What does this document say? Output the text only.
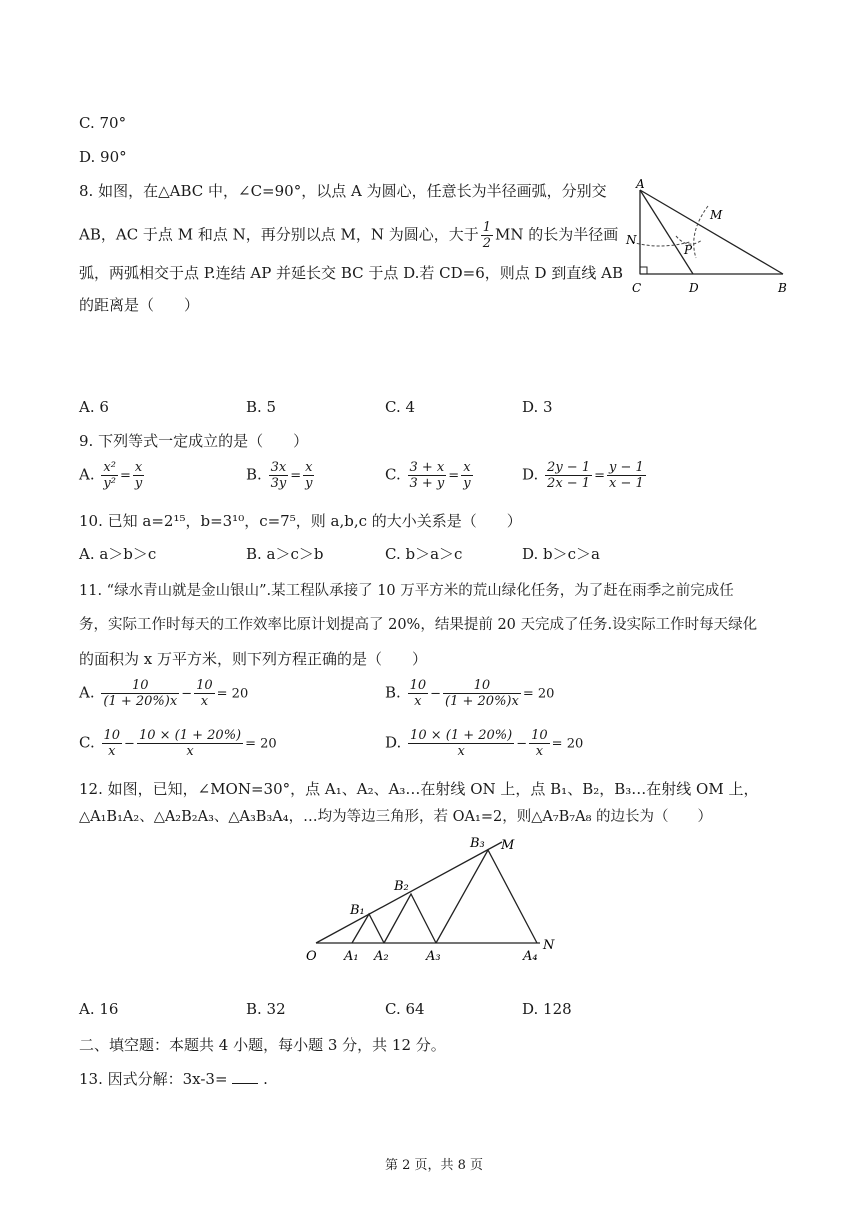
C. 70°
D. 90°
8. 如图，在△ABC 中，∠C=90°，以点 A 为圆心，任意长为半径画弧，分别交
AB，AC 于点 M 和点 N，再分别以点 M，N 为圆心，大于 $\frac{1}{2}$ MN 的长为半径画
弧，两弧相交于点 P.连结 AP 并延长交 BC 于点 D.若 CD=6，则点 D 到直线 AB
的距离是（　　）
A
M
N
P
C	D	B
A. 6	B. 5	C. 4	D. 3
9. 下列等式一定成立的是（　　）
A. $\frac{\text{x²}}{\text{y²}} = \frac{x}{y}$	B. $\frac{3x}{3y} = \frac{x}{y}$	C. $\frac{3 + x}{3 + y} = \frac{x}{y}$	D. $\frac{2y - 1}{2x - 1} = \frac{y - 1}{x - 1}$
10. 已知 a=2¹⁵，b=3¹⁰，c=7⁵，则 a,b,c 的大小关系是（　　）
A. a＞b＞c	B. a＞c＞b	C. b＞a＞c	D. b＞c＞a
11. “绿水青山就是金山银山”.某工程队承接了 10 万平方米的荒山绿化任务，为了赶在雨季之前完成任
务，实际工作时每天的工作效率比原计划提高了 20%，结果提前 20 天完成了任务.设实际工作时每天绿化
的面积为 x 万平方米，则下列方程正确的是（　　）
A. $\frac{10}{(1 + 20\%)x} - \frac{10}{x} = 20$	B. $\frac{10}{x} - \frac{10}{(1 + 20\%)x} = 20$
C. $\frac{10}{x} - \frac{10 \times (1 + 20\%)}{x} = 20$	D. $\frac{10 \times (1 + 20\%)}{x} - \frac{10}{x} = 20$
12. 如图，已知，∠MON=30°，点 A₁、A₂、A₃…在射线 ON 上，点 B₁、B₂，B₃…在射线 OM 上，
△A₁B₁A₂、△A₂B₂A₃、△A₃B₃A₄，…均为等边三角形，若 OA₁=2，则△A₇B₇A₈ 的边长为（　　）
O A₁ A₂	A₃	A₄
B₁
B₂
B₃ M
N
A. 16	B. 32	C. 64	D. 128
二、填空题：本题共 4 小题，每小题 3 分，共 12 分。
13. 因式分解：3x-3= .
第 2 页，共 8 页
